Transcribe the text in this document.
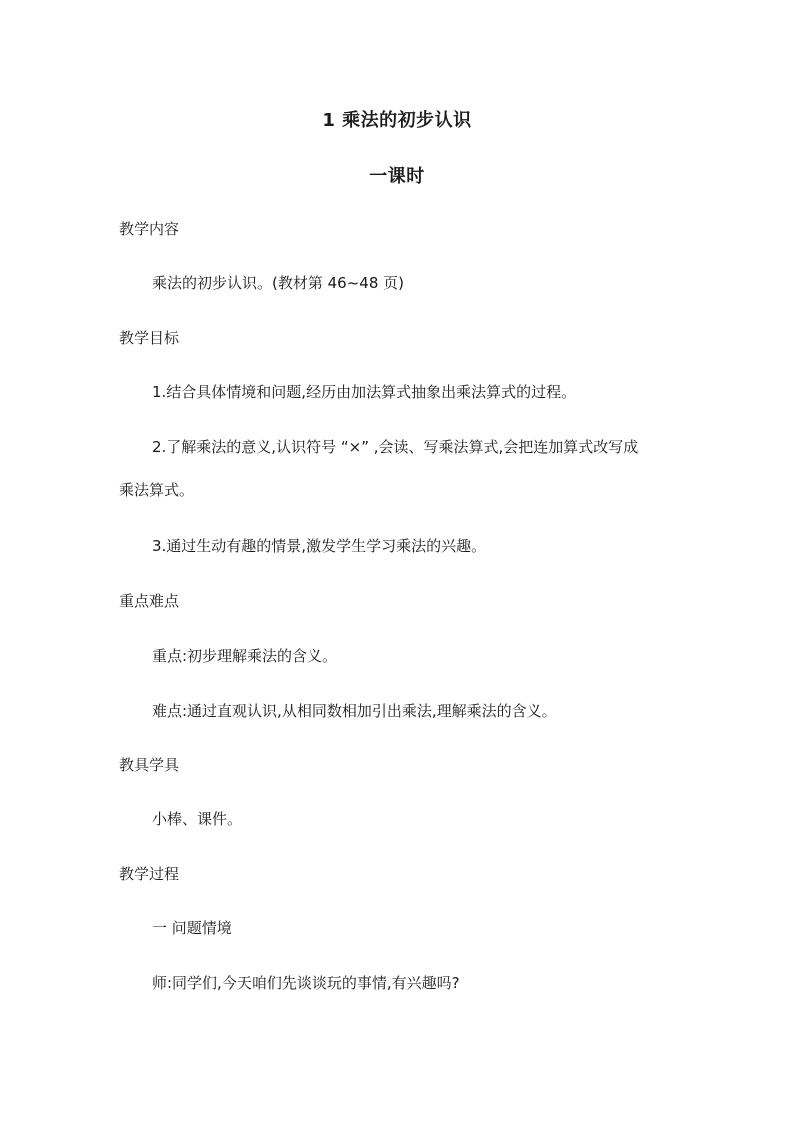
1 乘法的初步认识
一课时
教学内容
乘法的初步认识。(教材第 46~48 页)
教学目标
1.结合具体情境和问题,经历由加法算式抽象出乘法算式的过程。
2.了解乘法的意义,认识符号 “×” ,会读、写乘法算式,会把连加算式改写成
乘法算式。
3.通过生动有趣的情景,激发学生学习乘法的兴趣。
重点难点
重点:初步理解乘法的含义。
难点:通过直观认识,从相同数相加引出乘法,理解乘法的含义。
教具学具
小棒、课件。
教学过程
一 问题情境
师:同学们,今天咱们先谈谈玩的事情,有兴趣吗?
